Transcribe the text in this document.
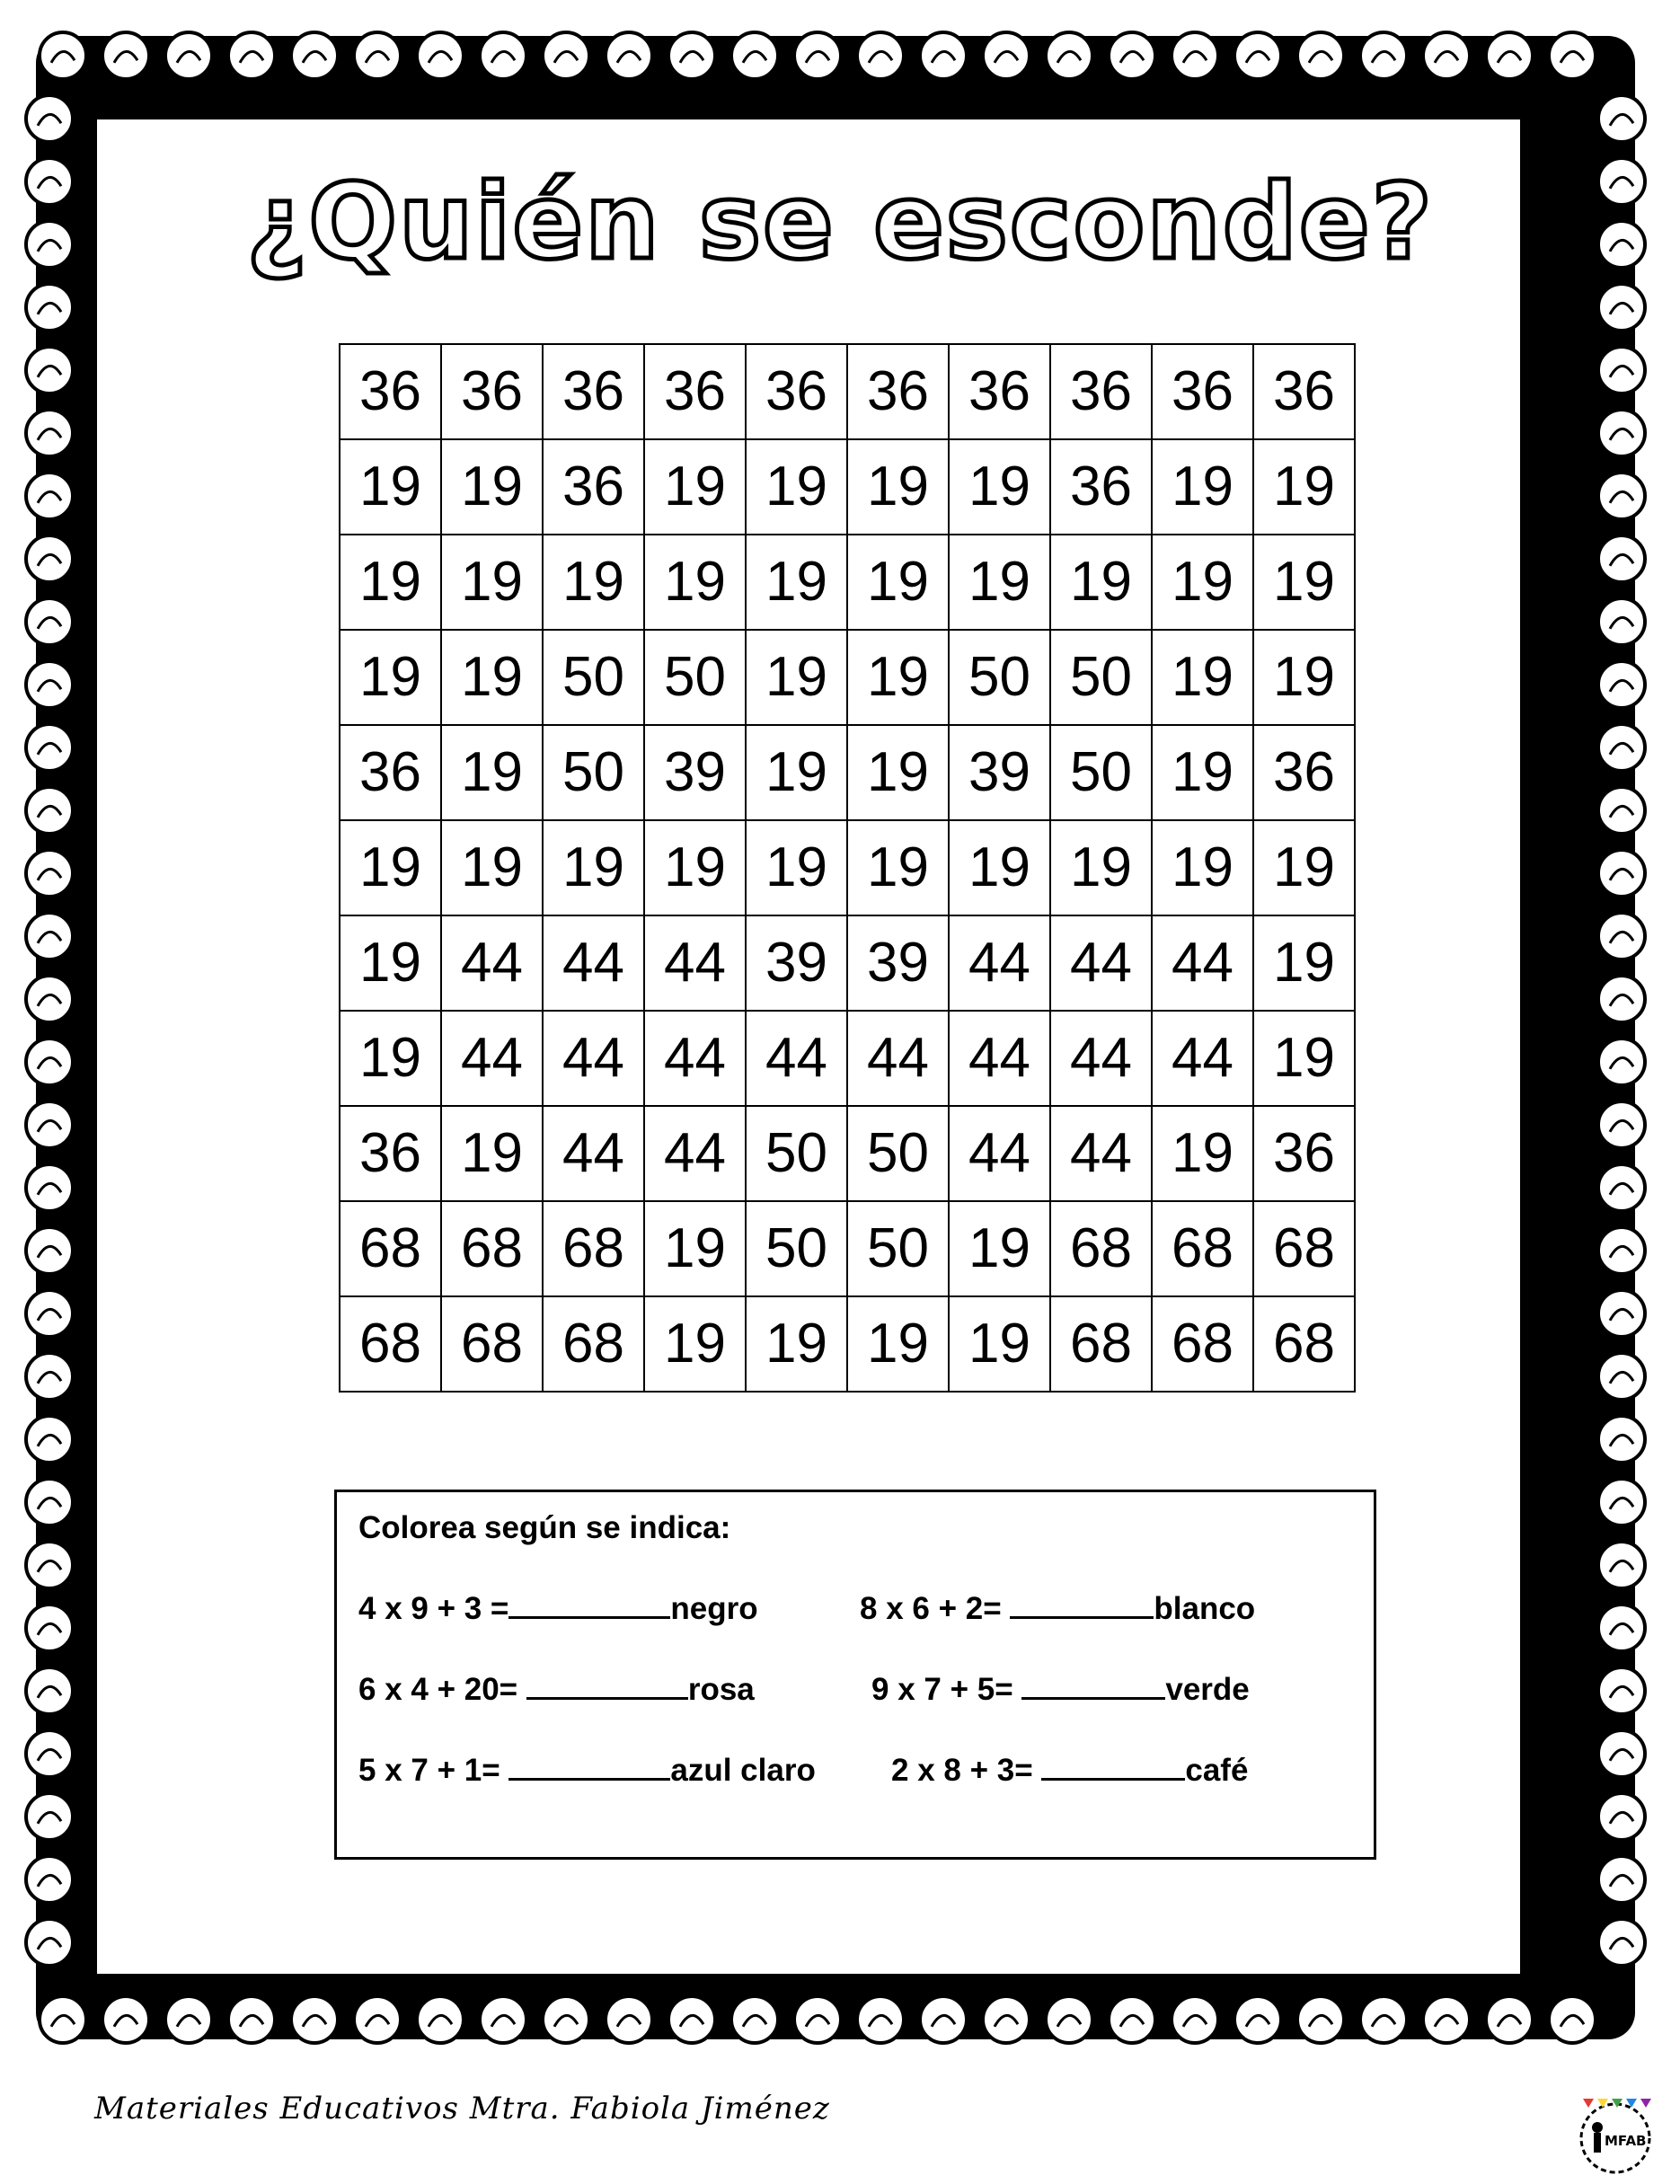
¿Quién se esconde?
36	36	36	36	36	36	36	36	36	36
19	19	36	19	19	19	19	36	19	19
19	19	19	19	19	19	19	19	19	19
19	19	50	50	19	19	50	50	19	19
36	19	50	39	19	19	39	50	19	36
19	19	19	19	19	19	19	19	19	19
19	44	44	44	39	39	44	44	44	19
19	44	44	44	44	44	44	44	44	19
36	19	44	44	50	50	44	44	19	36
68	68	68	19	50	50	19	68	68	68
68	68	68	19	19	19	19	68	68	68
Colorea según se indica:
4 x 9 + 3 =	negro
6 x 4 + 20=	rosa
5 x 7 + 1=	azul claro
8 x 6 + 2=	blanco
9 x 7 + 5=	verde
2 x 8 + 3=	café
Materiales Educativos Mtra. Fabiola Jiménez
MFAB
